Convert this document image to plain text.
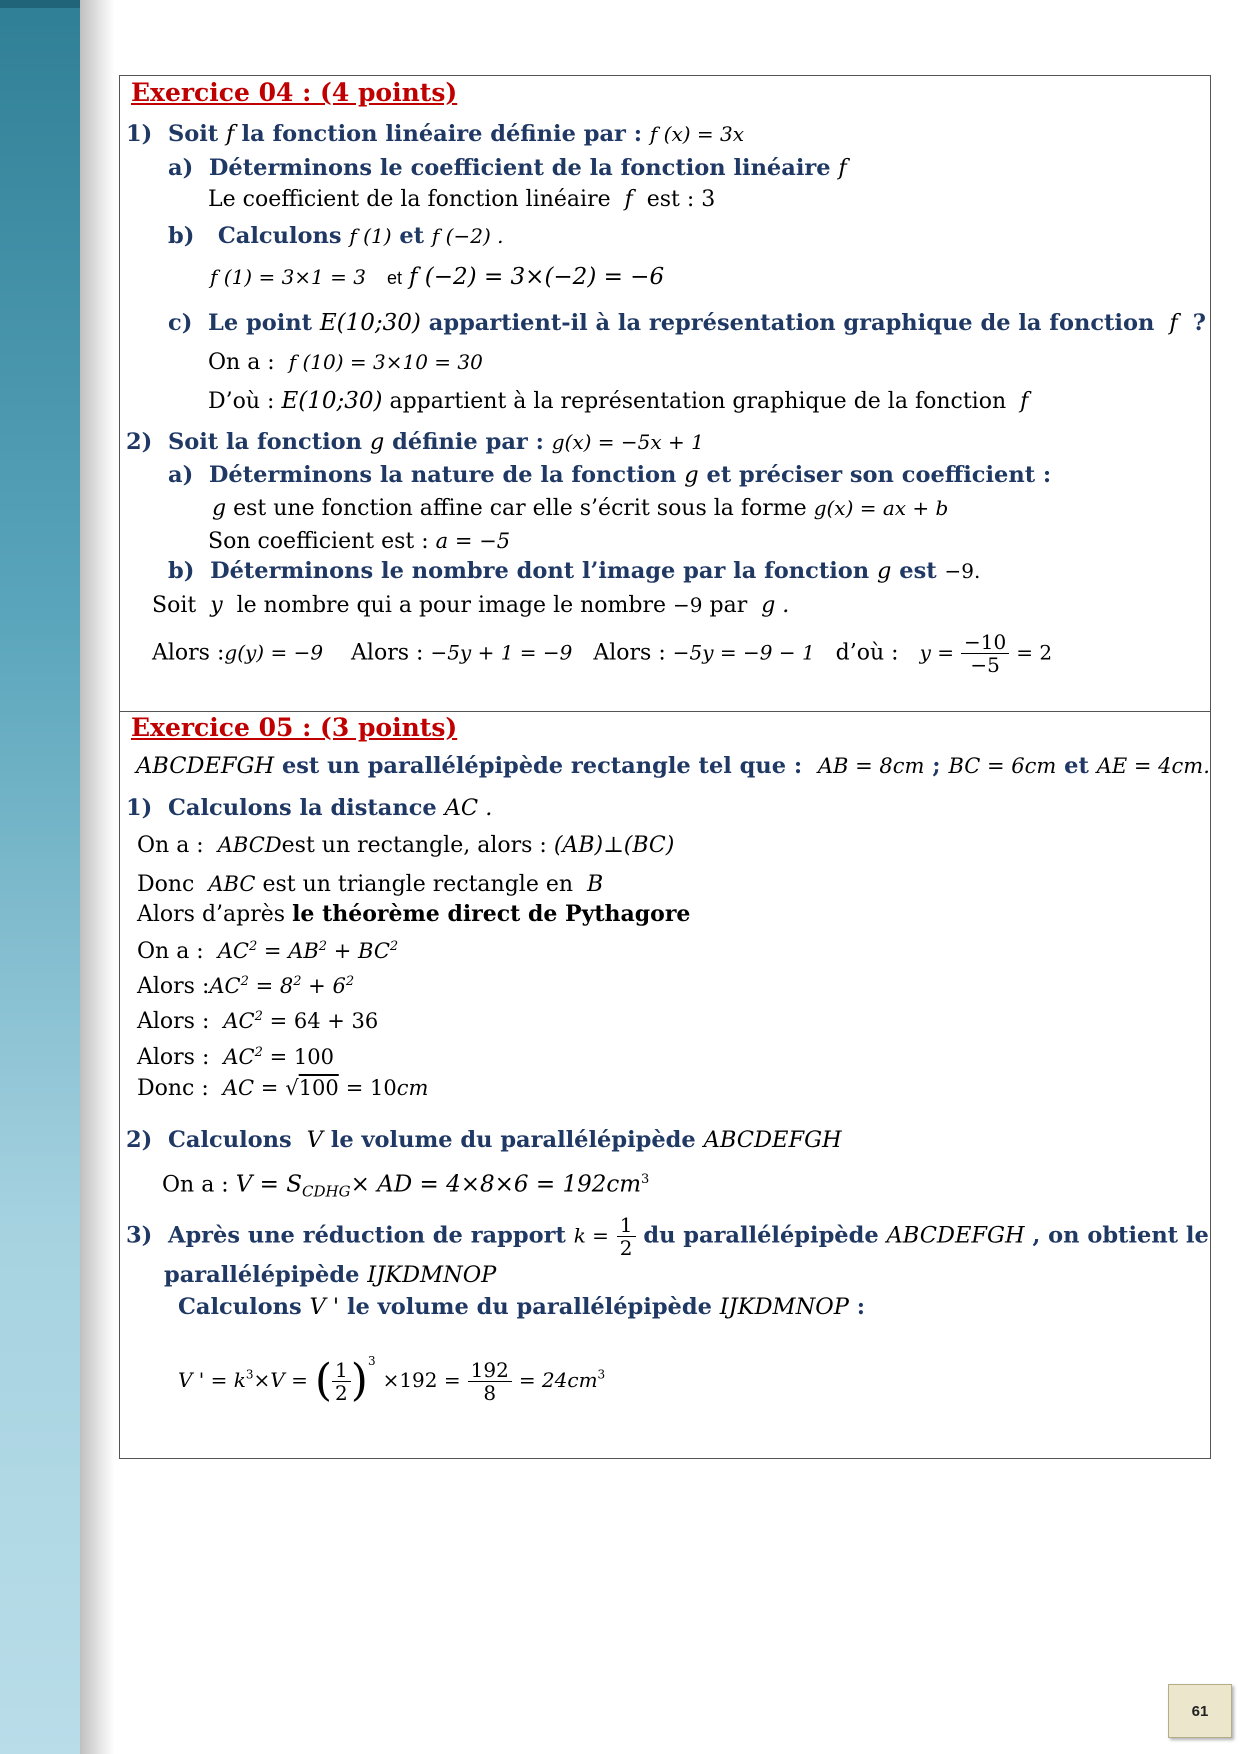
Exercice 04 : (4 points)
1) Soit f la fonction linéaire définie par : f (x) = 3x
a) Déterminons le coefficient de la fonction linéaire f
Le coefficient de la fonction linéaire  f  est : 3
b) Calculons f (1) et f (−2) .
f (1) = 3×1 = 3 et f (−2) = 3×(−2) = −6
c) Le point E(10;30) appartient-il à la représentation graphique de la fonction  f  ?
On a : f (10) = 3×10 = 30
D’où : E(10;30) appartient à la représentation graphique de la fonction  f
2) Soit la fonction g définie par : g(x) = −5x + 1
a) Déterminons la nature de la fonction g et préciser son coefficient :
g est une fonction affine car elle s’écrit sous la forme g(x) = ax + b
Son coefficient est : a = −5
b) Déterminons le nombre dont l’image par la fonction g est −9.
Soit  y  le nombre qui a pour image le nombre −9 par  g .
Alors :g(y) = −9 Alors : −5y + 1 = −9 Alors : −5y = −9 − 1 d’où : $y = \frac{-10}{-5} = 2$
Exercice 05 : (3 points)
ABCDEFGH est un parallélépipède rectangle tel que : AB = 8cm ; BC = 6cm et AE = 4cm.
1) Calculons la distance AC .
On a : ABCDest un rectangle, alors : (AB)⊥(BC)
Donc ABC est un triangle rectangle en B
Alors d’après le théorème direct de Pythagore
On a : $AC^2 = AB^2 + BC^2$
Alors $:AC^2 = 8^2 + 6^2$
Alors : $AC^2 = 64 + 36$
Alors : $AC^2 = 100$
Donc : AC = √100 = 10cm
2) Calculons V le volume du parallélépipède ABCDEFGH
On a : $V = S_{CDHG}\times$ AD = $4\times 8\times 6 = 192cm^3$
3) Après une réduction de rapport $k = \frac{1}{2}$ du parallélépipède ABCDEFGH , on obtient le
parallélépipède IJKDMNOP
Calculons V ' le volume du parallélépipède IJKDMNOP :
V ' = $k^3\times V$ = ( $\frac{1}{2} )^3 \times 192 = \frac{192}{8} = 24cm^3$
61
